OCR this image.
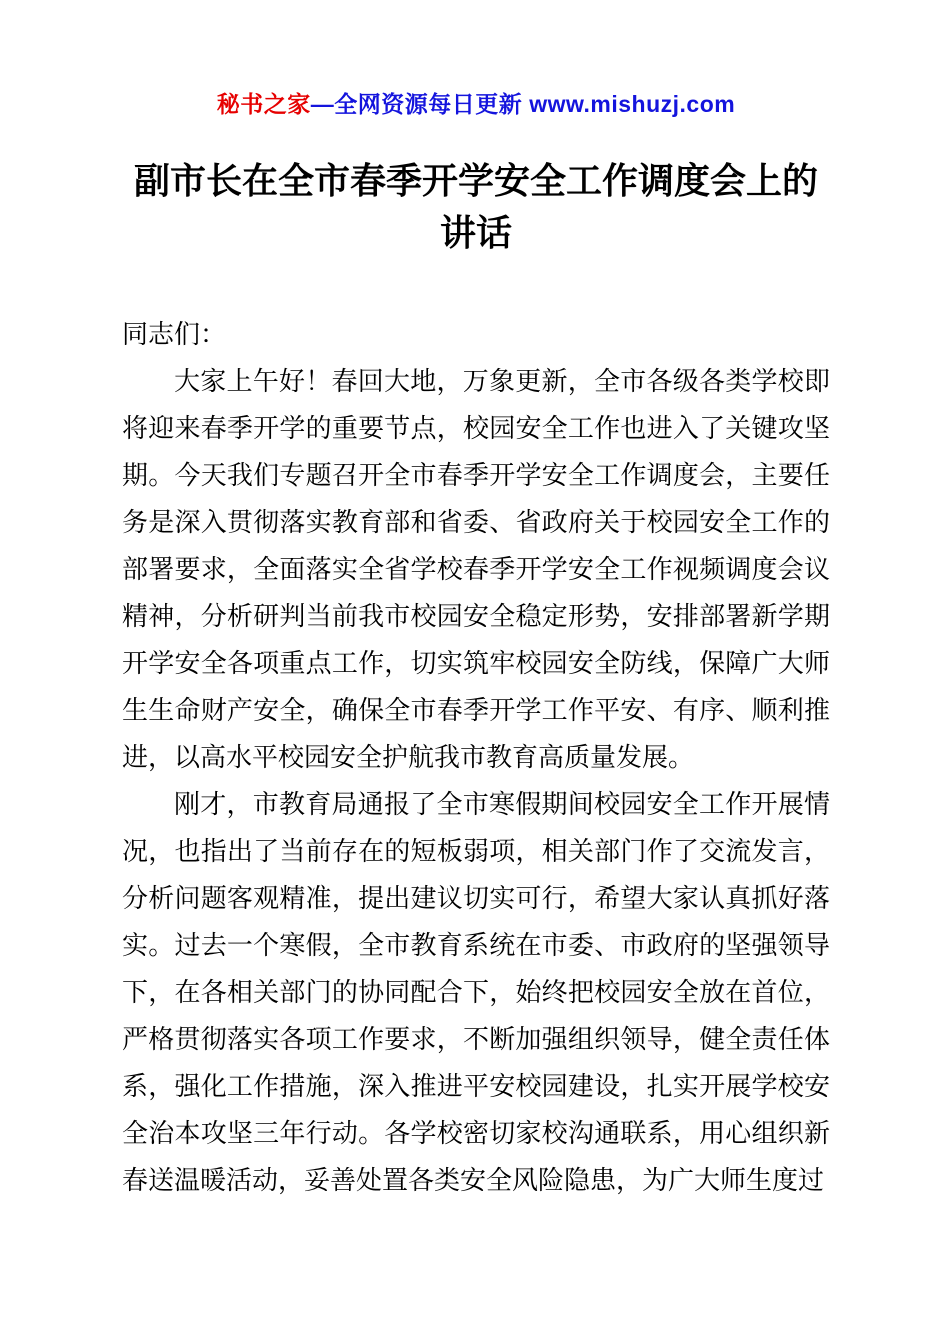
秘书之家—全网资源每日更新 www.mishuzj.com
副市长在全市春季开学安全工作调度会上的讲话

同志们：

大家上午好！春回大地，万象更新，全市各级各类学校即将迎来春季开学的重要节点，校园安全工作也进入了关键攻坚期。今天我们专题召开全市春季开学安全工作调度会，主要任务是深入贯彻落实教育部和省委、省政府关于校园安全工作的部署要求，全面落实全省学校春季开学安全工作视频调度会议精神，分析研判当前我市校园安全稳定形势，安排部署新学期开学安全各项重点工作，切实筑牢校园安全防线，保障广大师生生命财产安全，确保全市春季开学工作平安、有序、顺利推进，以高水平校园安全护航我市教育高质量发展。

刚才，市教育局通报了全市寒假期间校园安全工作开展情况，也指出了当前存在的短板弱项，相关部门作了交流发言，分析问题客观精准，提出建议切实可行，希望大家认真抓好落实。过去一个寒假，全市教育系统在市委、市政府的坚强领导下，在各相关部门的协同配合下，始终把校园安全放在首位，严格贯彻落实各项工作要求，不断加强组织领导，健全责任体系，强化工作措施，深入推进平安校园建设，扎实开展学校安全治本攻坚三年行动。各学校密切家校沟通联系，用心组织新春送温暖活动，妥善处置各类安全风险隐患，为广大师生度过
